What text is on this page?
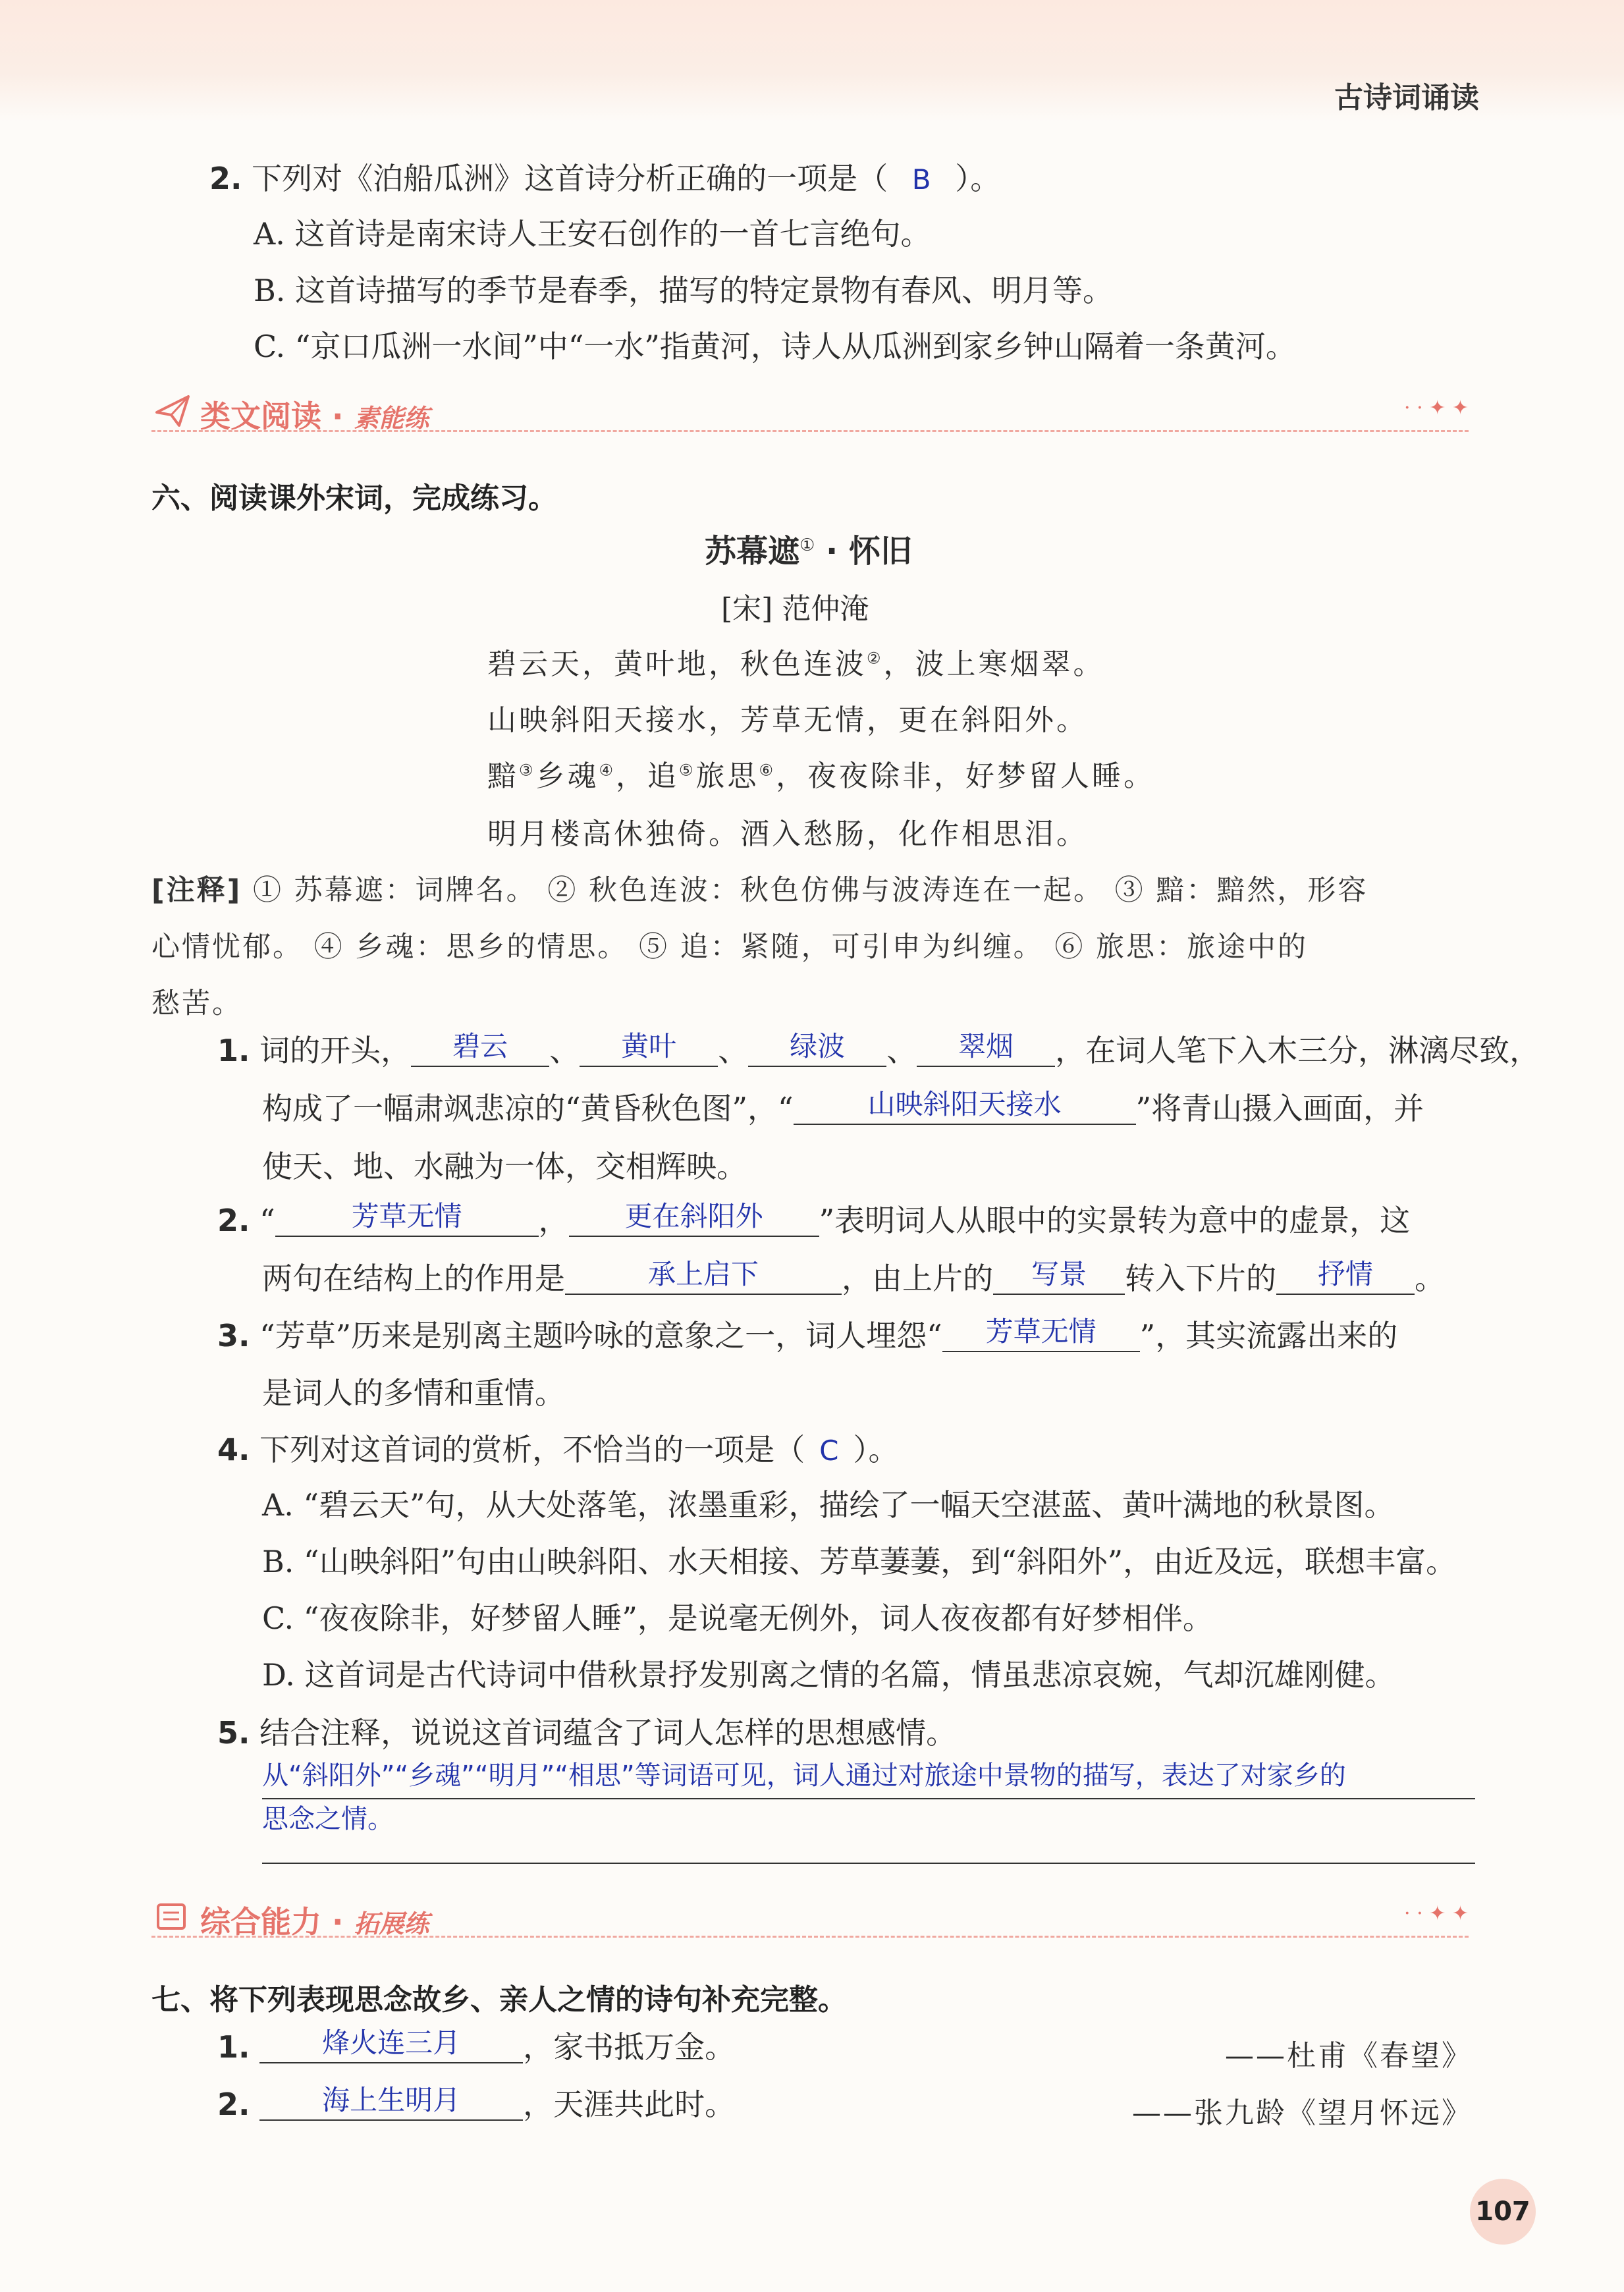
古诗词诵读
2. 下列对《泊船瓜洲》这首诗分析正确的一项是（ B ）。
A. 这首诗是南宋诗人王安石创作的一首七言绝句。
B. 这首诗描写的季节是春季，描写的特定景物有春风、明月等。
C. “京口瓜洲一水间”中“一水”指黄河，诗人从瓜洲到家乡钟山隔着一条黄河。
类文阅读 · 素能练	· · ✦ ✦
六、阅读课外宋词，完成练习。
苏幕遮① · 怀旧
[宋] 范仲淹
碧云天，黄叶地，秋色连波②，波上寒烟翠。
山映斜阳天接水，芳草无情，更在斜阳外。
黯③乡魂④，追⑤旅思⑥，夜夜除非，好梦留人睡。
明月楼高休独倚。酒入愁肠，化作相思泪。
[注释] ① 苏幕遮：词牌名。 ② 秋色连波：秋色仿佛与波涛连在一起。 ③ 黯：黯然，形容
心情忧郁。 ④ 乡魂：思乡的情思。 ⑤ 追：紧随，可引申为纠缠。 ⑥ 旅思：旅途中的
愁苦。
1. 词的开头， 碧云 、 黄叶 、 绿波 、 翠烟 ，在词人笔下入木三分，淋漓尽致，
构成了一幅肃飒悲凉的“黄昏秋色图”，“	山映斜阳天接水 ”将青山摄入画面，并
使天、地、水融为一体，交相辉映。
2. “	芳草无情	， 更在斜阳外 ”表明词人从眼中的实景转为意中的虚景，这
两句在结构上的作用是	承上启下	，由上片的 写景 转入下片的 抒情 。
3. “芳草”历来是别离主题吟咏的意象之一，词人埋怨“ 芳草无情 ”，其实流露出来的
是词人的多情和重情。
4. 下列对这首词的赏析，不恰当的一项是（ C ）。
A. “碧云天”句，从大处落笔，浓墨重彩，描绘了一幅天空湛蓝、黄叶满地的秋景图。
B. “山映斜阳”句由山映斜阳、水天相接、芳草萋萋，到“斜阳外”，由近及远，联想丰富。
C. “夜夜除非，好梦留人睡”，是说毫无例外，词人夜夜都有好梦相伴。
D. 这首词是古代诗词中借秋景抒发别离之情的名篇，情虽悲凉哀婉，气却沉雄刚健。
5. 结合注释，说说这首词蕴含了词人怎样的思想感情。
从“斜阳外”“乡魂”“明月”“相思”等词语可见，词人通过对旅途中景物的描写，表达了对家乡的
思念之情。
综合能力 · 拓展练	· · ✦ ✦
七、将下列表现思念故乡、亲人之情的诗句补充完整。
1.	烽火连三月 ，家书抵万金。	——杜甫《春望》
2.	海上生明月 ，天涯共此时。	——张九龄《望月怀远》
107
